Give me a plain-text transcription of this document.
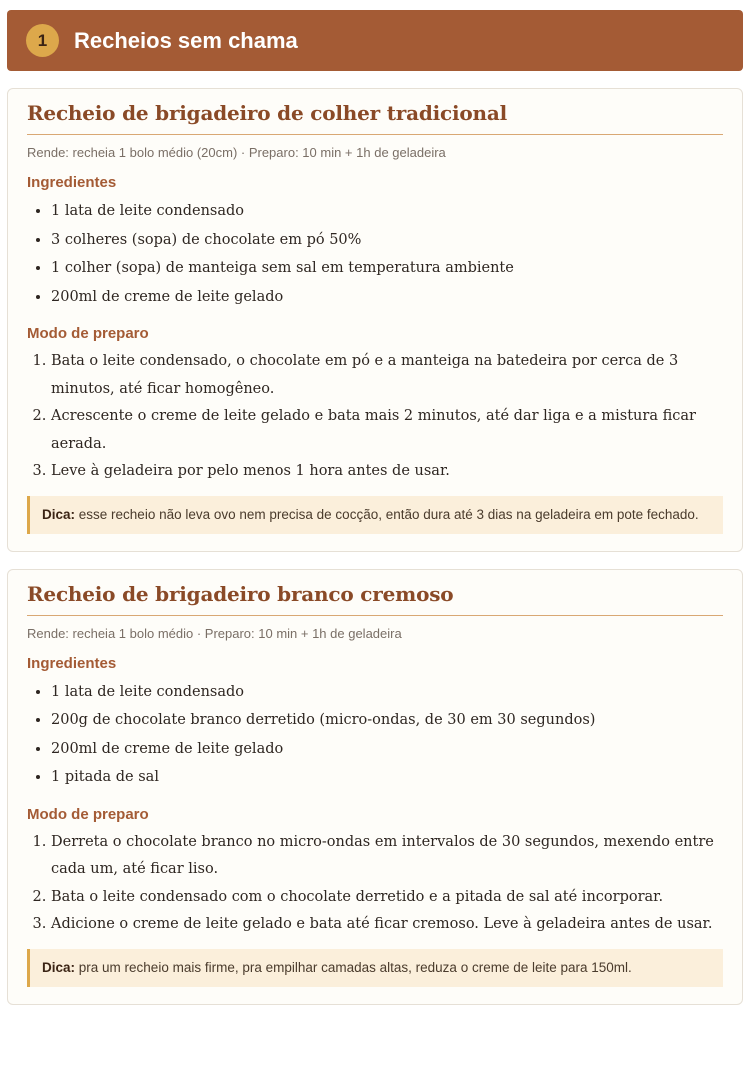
1	Recheios sem chama
Recheio de brigadeiro de colher tradicional
Rende: recheia 1 bolo médio (20cm) · Preparo: 10 min + 1h de geladeira
Ingredientes
• 1 lata de leite condensado
• 3 colheres (sopa) de chocolate em pó 50%
• 1 colher (sopa) de manteiga sem sal em temperatura ambiente
• 200ml de creme de leite gelado
Modo de preparo
1. Bata o leite condensado, o chocolate em pó e a manteiga na batedeira por cerca de 3 minutos, até ficar homogêneo.
2. Acrescente o creme de leite gelado e bata mais 2 minutos, até dar liga e a mistura ficar aerada.
3. Leve à geladeira por pelo menos 1 hora antes de usar.
Dica: esse recheio não leva ovo nem precisa de cocção, então dura até 3 dias na geladeira em pote fechado.
Recheio de brigadeiro branco cremoso
Rende: recheia 1 bolo médio · Preparo: 10 min + 1h de geladeira
Ingredientes
• 1 lata de leite condensado
• 200g de chocolate branco derretido (micro-ondas, de 30 em 30 segundos)
• 200ml de creme de leite gelado
• 1 pitada de sal
Modo de preparo
1. Derreta o chocolate branco no micro-ondas em intervalos de 30 segundos, mexendo entre cada um, até ficar liso.
2. Bata o leite condensado com o chocolate derretido e a pitada de sal até incorporar.
3. Adicione o creme de leite gelado e bata até ficar cremoso. Leve à geladeira antes de usar.
Dica: pra um recheio mais firme, pra empilhar camadas altas, reduza o creme de leite para 150ml.
